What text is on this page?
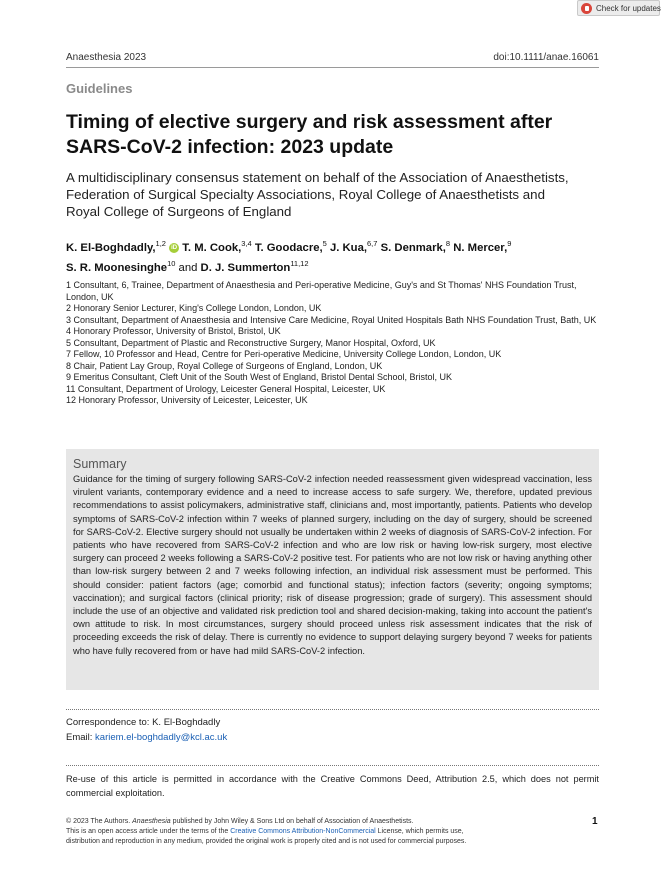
Check for updates
Anaesthesia 2023	doi:10.1111/anae.16061
Guidelines
Timing of elective surgery and risk assessment after
SARS-CoV-2 infection: 2023 update

A multidisciplinary consensus statement on behalf of the Association of Anaesthetists,
Federation of Surgical Specialty Associations, Royal College of Anaesthetists and
Royal College of Surgeons of England

K. El-Boghdadly,$^{1,2}$ iD T. M. Cook,$^{3,4}$ T. Goodacre,$^5$ J. Kua,$^{6,7}$ S. Denmark,$^8$ N. Mercer,$^9$
S. R. Moonesinghe$^{10}$ and D. J. Summerton$^{11,12}$

1 Consultant, 6, Trainee, Department of Anaesthesia and Peri-operative Medicine, Guy's and St Thomas' NHS Foundation Trust, London, UK
2 Honorary Senior Lecturer, King's College London, London, UK
3 Consultant, Department of Anaesthesia and Intensive Care Medicine, Royal United Hospitals Bath NHS Foundation Trust, Bath, UK
4 Honorary Professor, University of Bristol, Bristol, UK
5 Consultant, Department of Plastic and Reconstructive Surgery, Manor Hospital, Oxford, UK
7 Fellow, 10 Professor and Head, Centre for Peri-operative Medicine, University College London, London, UK
8 Chair, Patient Lay Group, Royal College of Surgeons of England, London, UK
9 Emeritus Consultant, Cleft Unit of the South West of England, Bristol Dental School, Bristol, UK
11 Consultant, Department of Urology, Leicester General Hospital, Leicester, UK
12 Honorary Professor, University of Leicester, Leicester, UK
Summary

Guidance for the timing of surgery following SARS-CoV-2 infection needed reassessment given widespread vaccination, less virulent variants, contemporary evidence and a need to increase access to safe surgery. We, therefore, updated previous recommendations to assist policymakers, administrative staff, clinicians and, most importantly, patients. Patients who develop symptoms of SARS-CoV-2 infection within 7 weeks of planned surgery, including on the day of surgery, should be screened for SARS-CoV-2. Elective surgery should not usually be undertaken within 2 weeks of diagnosis of SARS-CoV-2 infection. For patients who have recovered from SARS-CoV-2 infection and who are low risk or having low-risk surgery, most elective surgery can proceed 2 weeks following a SARS-CoV-2 positive test. For patients who are not low risk or having anything other than low-risk surgery between 2 and 7 weeks following infection, an individual risk assessment must be performed. This should consider: patient factors (age; comorbid and functional status); infection factors (severity; ongoing symptoms; vaccination); and surgical factors (clinical priority; risk of disease progression; grade of surgery). This assessment should include the use of an objective and validated risk prediction tool and shared decision-making, taking into account the patient's own attitude to risk. In most circumstances, surgery should proceed unless risk assessment indicates that the risk of proceeding exceeds the risk of delay. There is currently no evidence to support delaying surgery beyond 7 weeks for patients who have fully recovered from or have had mild SARS-CoV-2 infection.

Correspondence to: K. El-Boghdadly
Email: kariem.el-boghdadly@kcl.ac.uk

Re-use of this article is permitted in accordance with the Creative Commons Deed, Attribution 2.5, which does not permit commercial exploitation.

© 2023 The Authors. Anaesthesia published by John Wiley & Sons Ltd on behalf of Association of Anaesthetists.
This is an open access article under the terms of the Creative Commons Attribution-NonCommercial License, which permits use,
distribution and reproduction in any medium, provided the original work is properly cited and is not used for commercial purposes.
1
